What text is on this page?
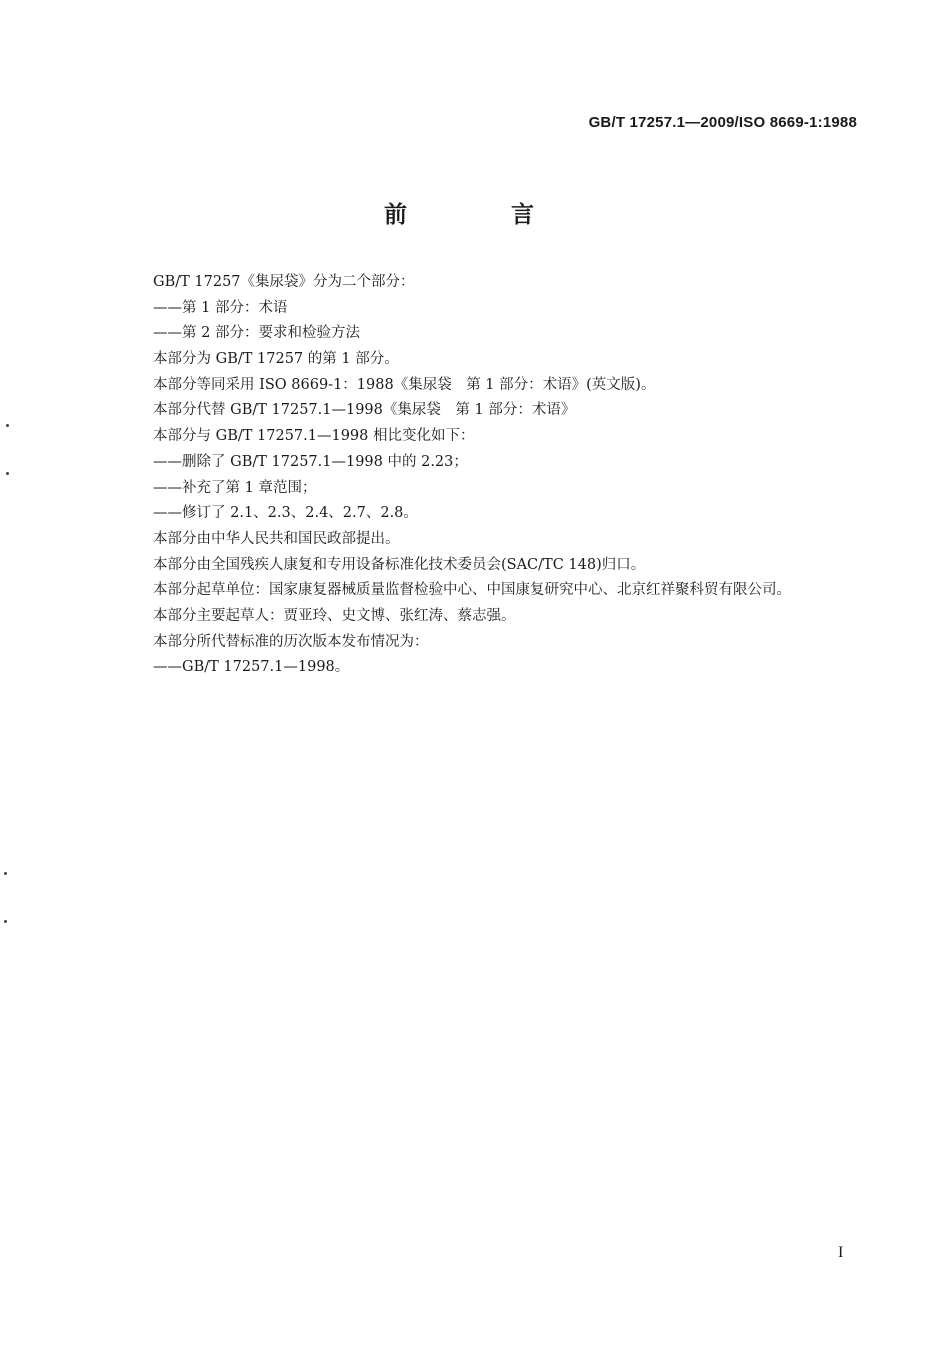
GB/T 17257.1—2009/ISO 8669-1:1988
前 言
GB/T 17257《集尿袋》分为二个部分：
——第 1 部分：术语
——第 2 部分：要求和检验方法
本部分为 GB/T 17257 的第 1 部分。
本部分等同采用 ISO 8669-1：1988《集尿袋　第 1 部分：术语》(英文版)。
本部分代替 GB/T 17257.1—1998《集尿袋　第 1 部分：术语》
本部分与 GB/T 17257.1—1998 相比变化如下：
——删除了 GB/T 17257.1—1998 中的 2.23；
——补充了第 1 章范围；
——修订了 2.1、2.3、2.4、2.7、2.8。
本部分由中华人民共和国民政部提出。
本部分由全国残疾人康复和专用设备标准化技术委员会(SAC/TC 148)归口。
本部分起草单位：国家康复器械质量监督检验中心、中国康复研究中心、北京红祥聚科贸有限公司。
本部分主要起草人：贾亚玲、史文博、张红涛、蔡志强。
本部分所代替标准的历次版本发布情况为：
——GB/T 17257.1—1998。
I
